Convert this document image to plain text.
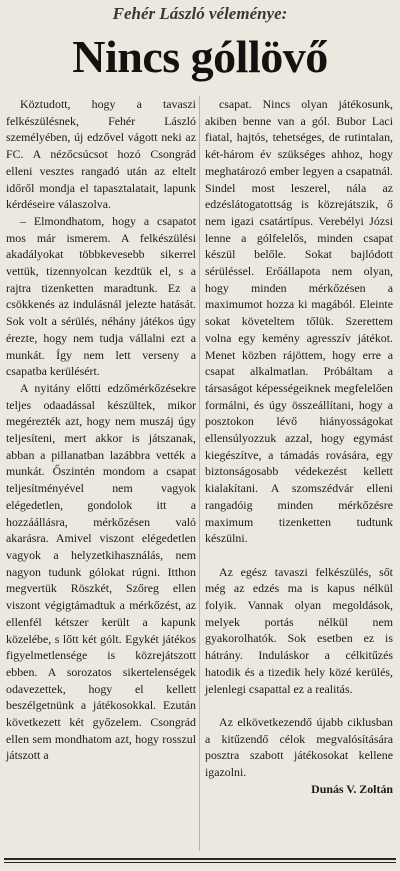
Fehér László véleménye:
Nincs góllövő

Köztudott, hogy a tavaszi felkészülésnek, Fehér László személyében, új edzővel vágott neki az FC. A nézőcsúcsot hozó Csongrád elleni vesztes rangadó után az eltelt időről mondja el tapasztalatait, lapunk kérdéseire válaszolva.

– Elmondhatom, hogy a csapatot mos már ismerem. A felkészülési akadályokat többkevesebb sikerrel vettük, tizennyolcan kezdtük el, s a rajtra tizenketten maradtunk. Ez a csökkenés az indulásnál jelezte hatását. Sok volt a sérülés, néhány játékos úgy érezte, hogy nem tudja vállalni ezt a munkát. Így nem lett verseny a csapatba kerülésért.

A nyitány előtti edzőmérkőzésekre teljes odaadással készültek, mikor megérezték azt, hogy nem muszáj úgy teljesíteni, mert akkor is játszanak, abban a pillanatban lazábbra vették a munkát. Őszintén mondom a csapat teljesítményével nem vagyok elégedetlen, gondolok itt a hozzáállásra, mérkőzésen való akarásra. Amivel viszont elégedetlen vagyok a helyzetkihasználás, nem nagyon tudunk gólokat rúgni. Itthon megvertük Röszkét, Szőreg ellen viszont végigtámadtuk a mérkőzést, az ellenfél kétszer került a kapunk közelébe, s lőtt két gólt. Egykét játékos figyelmetlensége is közrejátszott ebben. A sorozatos sikertelenségek odavezettek, hogy el kellett beszélgetnünk a játékosokkal. Ezután következett két győzelem. Csongrád ellen sem mondhatom azt, hogy rosszul játszott a

csapat. Nincs olyan játékosunk, akiben benne van a gól. Bubor Laci fiatal, hajtós, tehetséges, de rutintalan, két-három év szükséges ahhoz, hogy meghatározó ember legyen a csapatnál. Sindel most leszerel, nála az edzéslátogatottság is közrejátszik, ő nem igazi csatártípus. Verebélyi Józsi lenne a gólfelelős, minden csapat készül belőle. Sokat bajlódott sérüléssel. Erőállapota nem olyan, hogy minden mérkőzésen a maximumot hozza ki magából. Eleinte sokat követeltem tőlük. Szerettem volna egy kemény agresszív játékot. Menet közben rájöttem, hogy erre a csapat alkalmatlan. Próbáltam a társaságot képességeiknek megfelelően formálni, és úgy összeállítani, hogy a posztokon lévő hiányosságokat ellensúlyozzuk azzal, hogy egymást kiegészítve, a támadás rovására, egy biztonságosabb védekezést kellett kialakítani. A szomszédvár elleni rangadóig minden mérkőzésre maximum tizenketten tudtunk készülni.

Az egész tavaszi felkészülés, sőt még az edzés ma is kapus nélkül folyik. Vannak olyan megoldások, melyek portás nélkül nem gyakorolhatók. Sok esetben ez is hátrány. Induláskor a célkitűzés hatodik és a tizedik hely közé kerülés, jelenlegi csapattal ez a realitás.

Az elkövetkezendő újabb ciklusban a kitűzendő célok megvalósítására posztra szabott játékosokat kellene igazolni.

Dunás V. Zoltán
